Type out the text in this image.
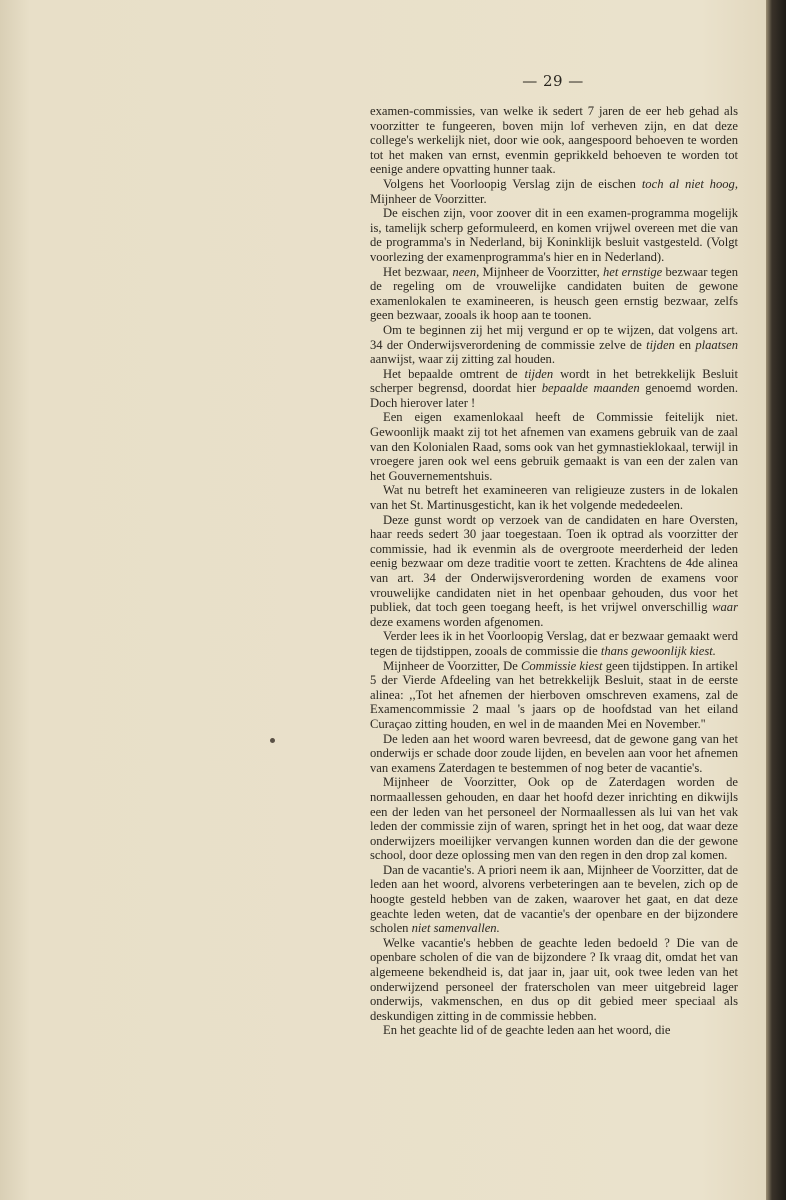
— 29 —

examen-commissies, van welke ik sedert 7 jaren de eer heb gehad als voorzitter te fungeeren, boven mijn lof verheven zijn, en dat deze college's werkelijk niet, door wie ook, aangespoord behoeven te worden tot het maken van ernst, evenmin geprikkeld behoeven te worden tot eenige andere opvatting hunner taak.

Volgens het Voorloopig Verslag zijn de eischen toch al niet hoog, Mijnheer de Voorzitter.

De eischen zijn, voor zoover dit in een examen-programma mogelijk is, tamelijk scherp geformuleerd, en komen vrijwel overeen met die van de programma's in Nederland, bij Koninklijk besluit vastgesteld. (Volgt voorlezing der examenprogramma's hier en in Nederland).

Het bezwaar, neen, Mijnheer de Voorzitter, het ernstige bezwaar tegen de regeling om de vrouwelijke candidaten buiten de gewone examenlokalen te examineeren, is heusch geen ernstig bezwaar, zelfs geen bezwaar, zooals ik hoop aan te toonen.

Om te beginnen zij het mij vergund er op te wijzen, dat volgens art. 34 der Onderwijsverordening de commissie zelve de tijden en plaatsen aanwijst, waar zij zitting zal houden.

Het bepaalde omtrent de tijden wordt in het betrekkelijk Besluit scherper begrensd, doordat hier bepaalde maanden genoemd worden. Doch hierover later !

Een eigen examenlokaal heeft de Commissie feitelijk niet. Gewoonlijk maakt zij tot het afnemen van examens gebruik van de zaal van den Kolonialen Raad, soms ook van het gymnastieklokaal, terwijl in vroegere jaren ook wel eens gebruik gemaakt is van een der zalen van het Gouvernementshuis.

Wat nu betreft het examineeren van religieuze zusters in de lokalen van het St. Martinusgesticht, kan ik het volgende mededeelen.

Deze gunst wordt op verzoek van de candidaten en hare Oversten, haar reeds sedert 30 jaar toegestaan. Toen ik optrad als voorzitter der commissie, had ik evenmin als de overgroote meerderheid der leden eenig bezwaar om deze traditie voort te zetten. Krachtens de 4de alinea van art. 34 der Onderwijsverordening worden de examens voor vrouwelijke candidaten niet in het openbaar gehouden, dus voor het publiek, dat toch geen toegang heeft, is het vrijwel onverschillig waar deze examens worden afgenomen.

Verder lees ik in het Voorloopig Verslag, dat er bezwaar gemaakt werd tegen de tijdstippen, zooals de commissie die thans gewoonlijk kiest.

Mijnheer de Voorzitter, De Commissie kiest geen tijdstippen. In artikel 5 der Vierde Afdeeling van het betrekkelijk Besluit, staat in de eerste alinea: ,,Tot het afnemen der hierboven omschreven examens, zal de Examencommissie 2 maal 's jaars op de hoofdstad van het eiland Curaçao zitting houden, en wel in de maanden Mei en November.''

De leden aan het woord waren bevreesd, dat de gewone gang van het onderwijs er schade door zoude lijden, en bevelen aan voor het afnemen van examens Zaterdagen te bestemmen of nog beter de vacantie's.

Mijnheer de Voorzitter, Ook op de Zaterdagen worden de normaallessen gehouden, en daar het hoofd dezer inrichting en dikwijls een der leden van het personeel der Normaallessen als lui van het vak leden der commissie zijn of waren, springt het in het oog, dat waar deze onderwijzers moeilijker vervangen kunnen worden dan die der gewone school, door deze oplossing men van den regen in den drop zal komen.

Dan de vacantie's. A priori neem ik aan, Mijnheer de Voorzitter, dat de leden aan het woord, alvorens verbeteringen aan te bevelen, zich op de hoogte gesteld hebben van de zaken, waarover het gaat, en dat deze geachte leden weten, dat de vacantie's der openbare en der bijzondere scholen niet samenvallen.

Welke vacantie's hebben de geachte leden bedoeld ? Die van de openbare scholen of die van de bijzondere ? Ik vraag dit, omdat het van algemeene bekendheid is, dat jaar in, jaar uit, ook twee leden van het onderwijzend personeel der fraterscholen van meer uitgebreid lager onderwijs, vakmenschen, en dus op dit gebied meer speciaal als deskundigen zitting in de commissie hebben.

En het geachte lid of de geachte leden aan het woord, die
